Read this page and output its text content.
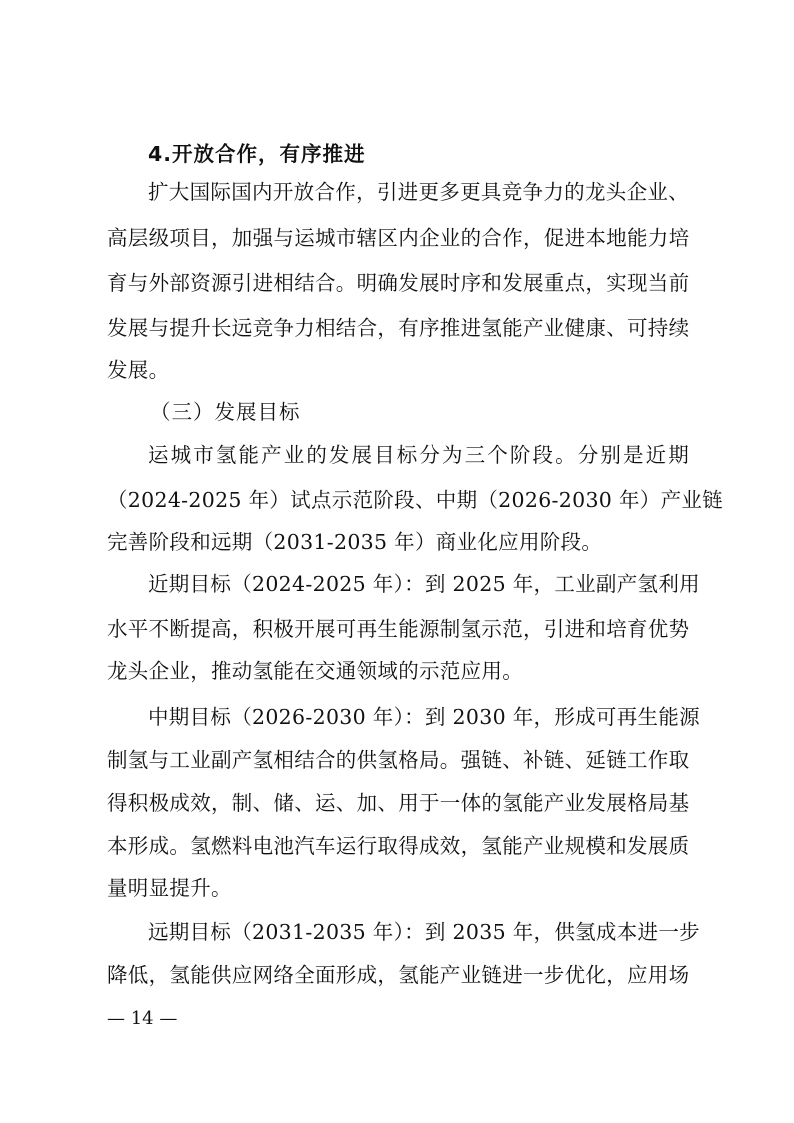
4.开放合作，有序推进
扩大国际国内开放合作，引进更多更具竞争力的龙头企业、
高层级项目，加强与运城市辖区内企业的合作，促进本地能力培
育与外部资源引进相结合。明确发展时序和发展重点，实现当前
发展与提升长远竞争力相结合，有序推进氢能产业健康、可持续
发展。
（三）发展目标
运城市氢能产业的发展目标分为三个阶段。分别是近期
（2024-2025 年）试点示范阶段、中期（2026-2030 年）产业链
完善阶段和远期（2031-2035 年）商业化应用阶段。
近期目标（2024-2025 年）：到 2025 年，工业副产氢利用
水平不断提高，积极开展可再生能源制氢示范，引进和培育优势
龙头企业，推动氢能在交通领域的示范应用。
中期目标（2026-2030 年）：到 2030 年，形成可再生能源
制氢与工业副产氢相结合的供氢格局。强链、补链、延链工作取
得积极成效，制、储、运、加、用于一体的氢能产业发展格局基
本形成。氢燃料电池汽车运行取得成效，氢能产业规模和发展质
量明显提升。
远期目标（2031-2035 年）：到 2035 年，供氢成本进一步
降低，氢能供应网络全面形成，氢能产业链进一步优化，应用场
— 14 —
